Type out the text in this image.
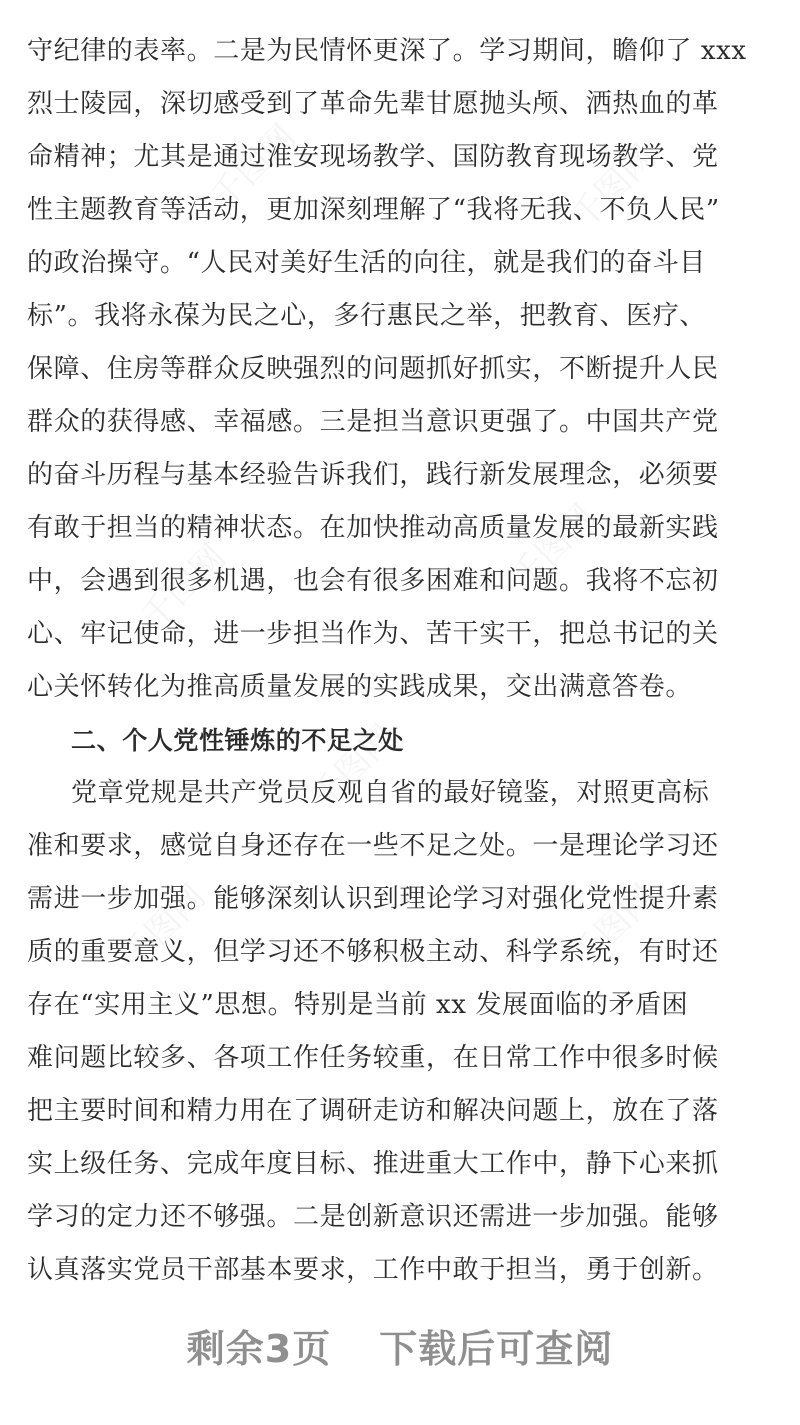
守纪律的表率。二是为民情怀更深了。学习期间，瞻仰了 xxx
烈士陵园，深切感受到了革命先辈甘愿抛头颅、洒热血的革
命精神；尤其是通过淮安现场教学、国防教育现场教学、党
性主题教育等活动，更加深刻理解了“我将无我、不负人民”
的政治操守。“人民对美好生活的向往，就是我们的奋斗目
标”。我将永葆为民之心，多行惠民之举，把教育、医疗、
保障、住房等群众反映强烈的问题抓好抓实，不断提升人民
群众的获得感、幸福感。三是担当意识更强了。中国共产党
的奋斗历程与基本经验告诉我们，践行新发展理念，必须要
有敢于担当的精神状态。在加快推动高质量发展的最新实践
中，会遇到很多机遇，也会有很多困难和问题。我将不忘初
心、牢记使命，进一步担当作为、苦干实干，把总书记的关
心关怀转化为推高质量发展的实践成果，交出满意答卷。
二、个人党性锤炼的不足之处
党章党规是共产党员反观自省的最好镜鉴，对照更高标
准和要求，感觉自身还存在一些不足之处。一是理论学习还
需进一步加强。能够深刻认识到理论学习对强化党性提升素
质的重要意义，但学习还不够积极主动、科学系统，有时还
存在“实用主义”思想。特别是当前 xx 发展面临的矛盾困
难问题比较多、各项工作任务较重，在日常工作中很多时候
把主要时间和精力用在了调研走访和解决问题上，放在了落
实上级任务、完成年度目标、推进重大工作中，静下心来抓
学习的定力还不够强。二是创新意识还需进一步加强。能够
认真落实党员干部基本要求，工作中敢于担当，勇于创新。
剩余3页 下载后可查阅
